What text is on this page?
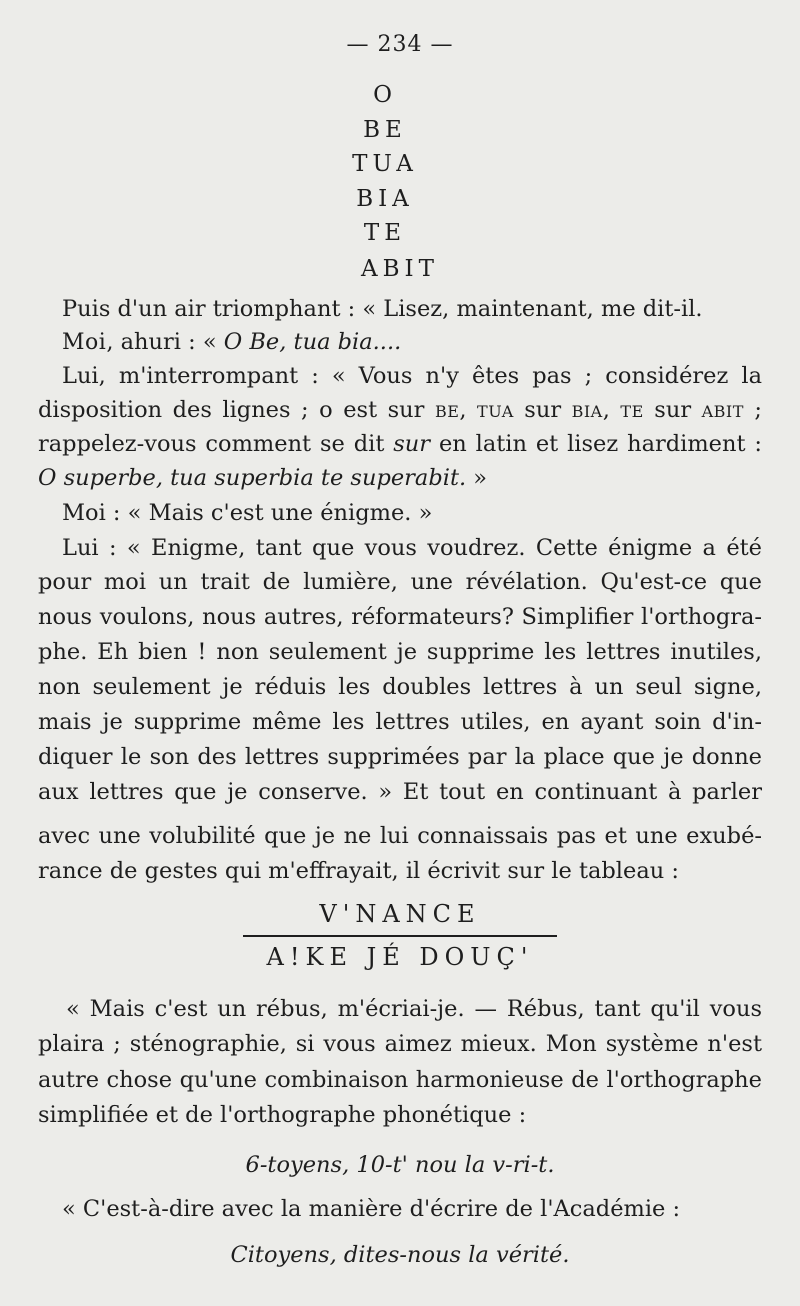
— 234 —
O
BE
TUA
BIA
TE
ABIT
Puis d'un air triomphant : « Lisez, maintenant, me dit-il.
Moi, ahuri : « O Be, tua bia....
Lui, m'interrompant : « Vous n'y êtes pas ; considérez la
disposition des lignes ; o est sur BE, TUA sur BIA, TE sur ABIT ;
rappelez-vous comment se dit sur en latin et lisez hardiment :
O superbe, tua superbia te superabit. »
Moi : « Mais c'est une énigme. »
Lui : « Enigme, tant que vous voudrez. Cette énigme a été
pour moi un trait de lumière, une révélation. Qu'est-ce que
nous voulons, nous autres, réformateurs? Simplifier l'orthogra-
phe. Eh bien ! non seulement je supprime les lettres inutiles,
non seulement je réduis les doubles lettres à un seul signe,
mais je supprime même les lettres utiles, en ayant soin d'in-
diquer le son des lettres supprimées par la place que je donne
aux lettres que je conserve. » Et tout en continuant à parler
avec une volubilité que je ne lui connaissais pas et une exubé-
rance de gestes qui m'effrayait, il écrivit sur le tableau :
V'NANCE
A!KE JÉ DOUÇ'
« Mais c'est un rébus, m'écriai-je. — Rébus, tant qu'il vous
plaira ; sténographie, si vous aimez mieux. Mon système n'est
autre chose qu'une combinaison harmonieuse de l'orthographe
simplifiée et de l'orthographe phonétique :
6-toyens, 10-t' nou la v-ri-t.
« C'est-à-dire avec la manière d'écrire de l'Académie :
Citoyens, dites-nous la vérité.
